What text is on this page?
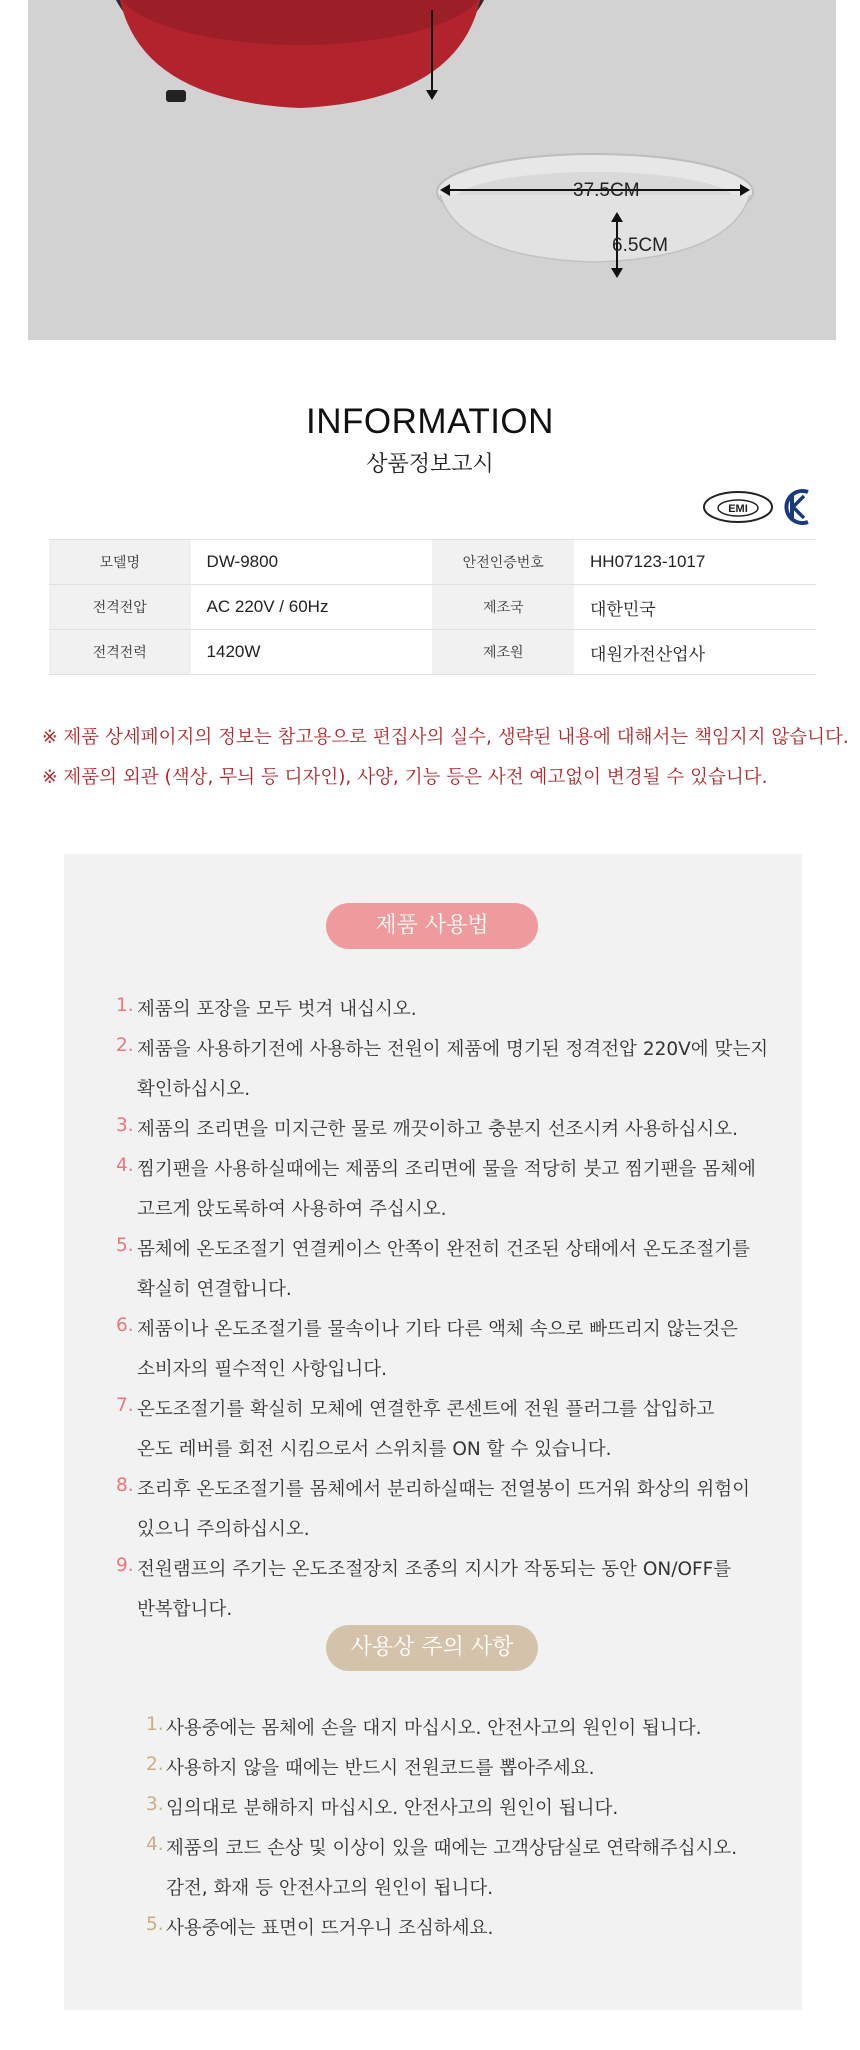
37.5CM
6.5CM
INFORMATION
상품정보고시
EMI
모델명	DW-9800	안전인증번호	HH07123-1017
전격전압	AC 220V / 60Hz	제조국	대한민국
전격전력	1420W	제조원	대원가전산업사
※ 제품 상세페이지의 정보는 참고용으로 편집사의 실수, 생략된 내용에 대해서는 책임지지 않습니다.
※ 제품의 외관 (색상, 무늬 등 디자인), 사양, 기능 등은 사전 예고없이 변경될 수 있습니다.
제품 사용법
1. 제품의 포장을 모두 벗겨 내십시오.
2. 제품을 사용하기전에 사용하는 전원이 제품에 명기된 정격전압 220V에 맞는지
확인하십시오.
3. 제품의 조리면을 미지근한 물로 깨끗이하고 충분지 선조시켜 사용하십시오.
4. 찜기팬을 사용하실때에는 제품의 조리면에 물을 적당히 붓고 찜기팬을 몸체에
고르게 앉도록하여 사용하여 주십시오.
5. 몸체에 온도조절기 연결케이스 안쪽이 완전히 건조된 상태에서 온도조절기를
확실히 연결합니다.
6. 제품이나 온도조절기를 물속이나 기타 다른 액체 속으로 빠뜨리지 않는것은
소비자의 필수적인 사항입니다.
7. 온도조절기를 확실히 모체에 연결한후 콘센트에 전원 플러그를 삽입하고
온도 레버를 회전 시킴으로서 스위치를 ON 할 수 있습니다.
8. 조리후 온도조절기를 몸체에서 분리하실때는 전열봉이 뜨거워 화상의 위험이
있으니 주의하십시오.
9. 전원램프의 주기는 온도조절장치 조종의 지시가 작동되는 동안 ON/OFF를
반복합니다.
사용상 주의 사항
1. 사용중에는 몸체에 손을 대지 마십시오. 안전사고의 원인이 됩니다.
2. 사용하지 않을 때에는 반드시 전원코드를 뽑아주세요.
3. 임의대로 분해하지 마십시오. 안전사고의 원인이 됩니다.
4. 제품의 코드 손상 및 이상이 있을 때에는 고객상담실로 연락해주십시오.
감전, 화재 등 안전사고의 원인이 됩니다.
5. 사용중에는 표면이 뜨거우니 조심하세요.
